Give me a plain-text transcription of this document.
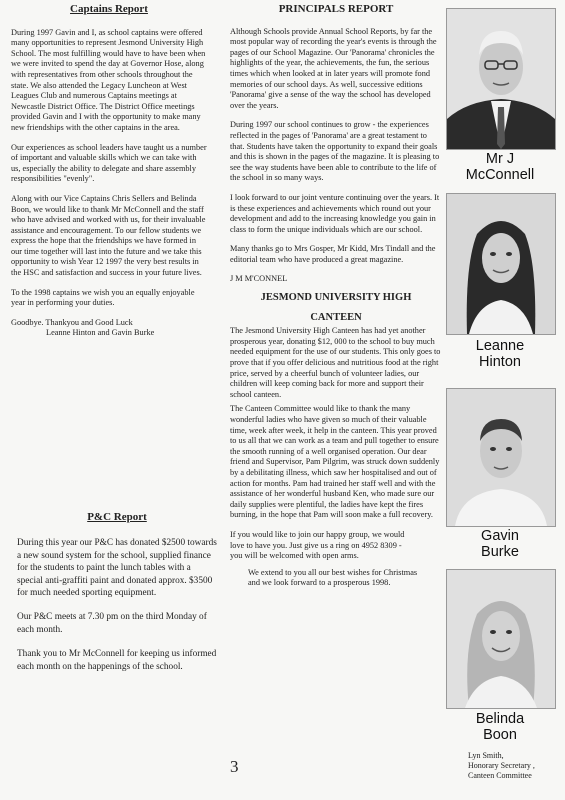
Captains Report

During 1997 Gavin and I, as school captains were offered many opportunities to represent Jesmond University High School. The most fulfilling would have to have been when we were invited to spend the day at Governor Hose, along with representatives from other schools throughout the state. We also attended the Legacy Luncheon at West Leagues Club and numerous Captains meetings at Newcastle District Office. The District Office meetings provided Gavin and I with the opportunity to make many new friendships with the other captains in the area.

Our experiences as school leaders have taught us a number of important and valuable skills which we can take with us, especially the ability to delegate and share assembly responsibilities "evenly".

Along with our Vice Captains Chris Sellers and Belinda Boon, we would like to thank Mr McConnell and the staff who have advised and worked with us, for their invaluable assistance and encouragement. To our fellow students we express the hope that the friendships we have formed in our time together will last into the future and we take this opportunity to wish Year 12 1997 the very best results in the HSC and satisfaction and success in your future lives.

To the 1998 captains we wish you an equally enjoyable year in performing your duties.

Goodbye. Thankyou and Good Luck

Leanne Hinton and Gavin Burke

P&C Report

During this year our P&C has donated $2500 towards a new sound system for the school, supplied finance for the students to paint the lunch tables with a special anti-graffiti paint and donated approx. $3500 for much needed sporting equipment.

Our P&C meets at 7.30 pm on the third Monday of each month.

Thank you to Mr McConnell for keeping us informed each month on the happenings of the school.

PRINCIPALS REPORT

Although Schools provide Annual School Reports, by far the most popular way of recording the year's events is through the pages of our School Magazine. Our 'Panorama' chronicles the highlights of the year, the achievements, the fun, the serious times which when looked at in later years will promote fond memories of our school days. As well, successive editions 'Panorama' give a sense of the way the school has developed over the years.

During 1997 our school continues to grow - the experiences reflected in the pages of 'Panorama' are a great testament to that. Students have taken the opportunity to expand their goals and this is shown in the pages of the magazine. It is pleasing to see the way students have been able to contribute to the life of the school in so many ways.

I look forward to our joint venture continuing over the years. It is these experiences and achievements which round out your development and add to the increasing knowledge you gain in class to form the unique individuals which are our school.

Many thanks go to Mrs Gosper, Mr Kidd, Mrs Tindall and the editorial team who have produced a great magazine.

J M M'CONNEL

JESMOND UNIVERSITY HIGH

CANTEEN

The Jesmond University High Canteen has had yet another prosperous year, donating $12, 000 to the school to buy much needed equipment for the use of our students. This only goes to prove that if you offer delicious and nutritious food at the right price, served by a cheerful bunch of volunteer ladies, our children will keep coming back for more and support their school canteen.

The Canteen Committee would like to thank the many wonderful ladies who have given so much of their valuable time, week after week, it help in the canteen. This year proved to us all that we can work as a team and pull together to ensure the smooth running of a well organised operation. Our dear friend and Supervisor, Pam Pilgrim, was struck down suddenly by a debilitating illness, which saw her hospitalised and out of action for months. Pam had trained her staff well and with the assistance of her wonderful husband Ken, who made sure our daily supplies were plentiful, the ladies have kept the fires burning, in the hope that Pam will soon make a full recovery.

If you would like to join our happy group, we would love to have you. Just give us a ring on 4952 8309 - you will be welcomed with open arms.

We extend to you all our best wishes for Christmas and we look forward to a prosperous 1998.

3
Lyn Smith,
Honorary Secretary ,
Canteen Committee
Mr J
McConnell
Leanne
Hinton
Gavin
Burke
Belinda
Boon
